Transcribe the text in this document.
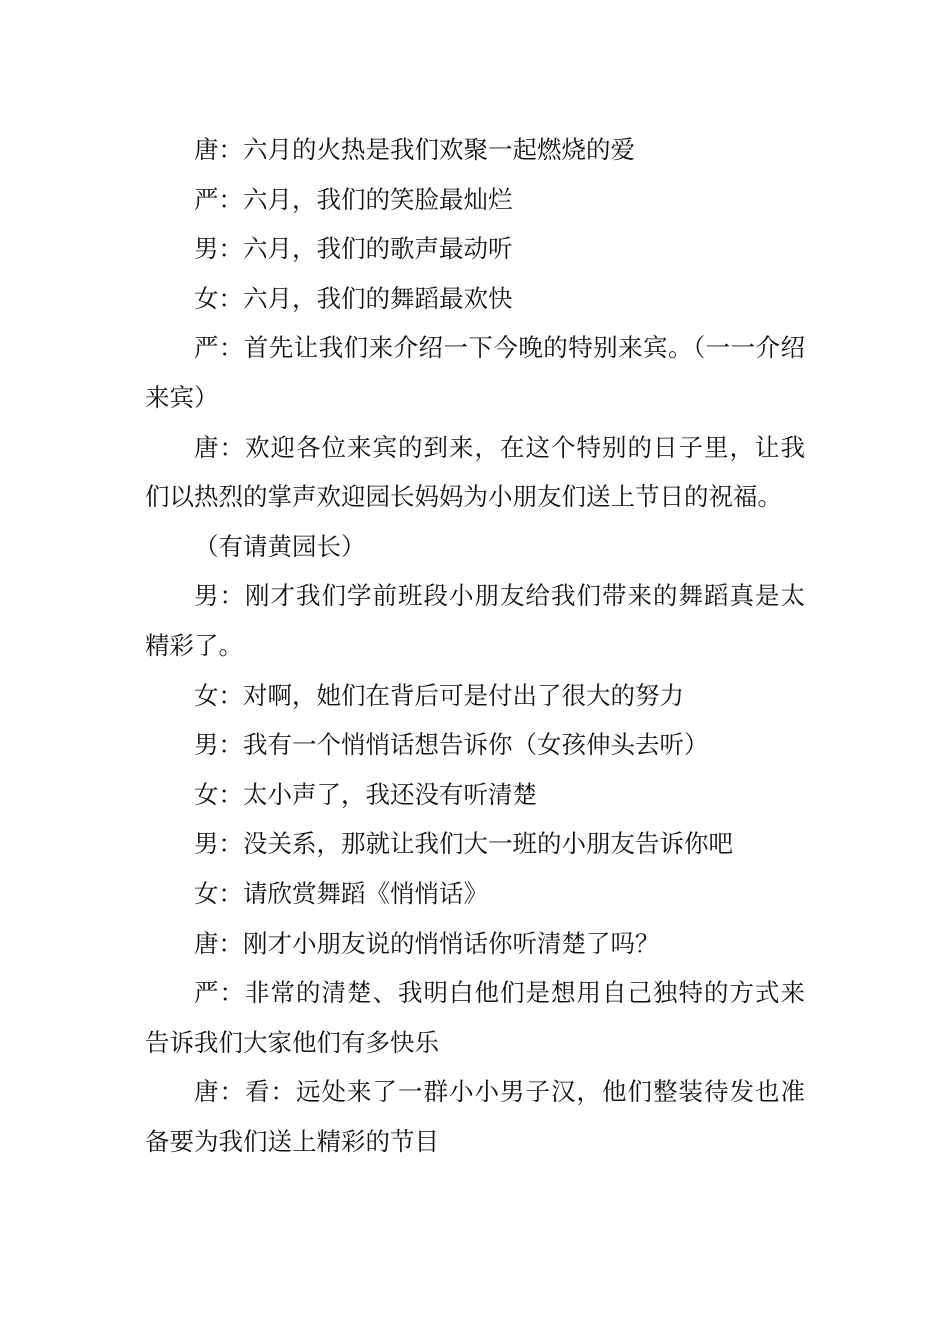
唐：六月的火热是我们欢聚一起燃烧的爱

严：六月，我们的笑脸最灿烂

男：六月，我们的歌声最动听

女：六月，我们的舞蹈最欢快

严：首先让我们来介绍一下今晚的特别来宾。（一一介绍来宾）

唐：欢迎各位来宾的到来，在这个特别的日子里，让我们以热烈的掌声欢迎园长妈妈为小朋友们送上节日的祝福。

（有请黄园长）

男：刚才我们学前班段小朋友给我们带来的舞蹈真是太精彩了。

女：对啊，她们在背后可是付出了很大的努力

男：我有一个悄悄话想告诉你（女孩伸头去听）

女：太小声了，我还没有听清楚

男：没关系，那就让我们大一班的小朋友告诉你吧

女：请欣赏舞蹈《悄悄话》

唐：刚才小朋友说的悄悄话你听清楚了吗？

严：非常的清楚、我明白他们是想用自己独特的方式来告诉我们大家他们有多快乐

唐：看：远处来了一群小小男子汉，他们整装待发也准备要为我们送上精彩的节目
